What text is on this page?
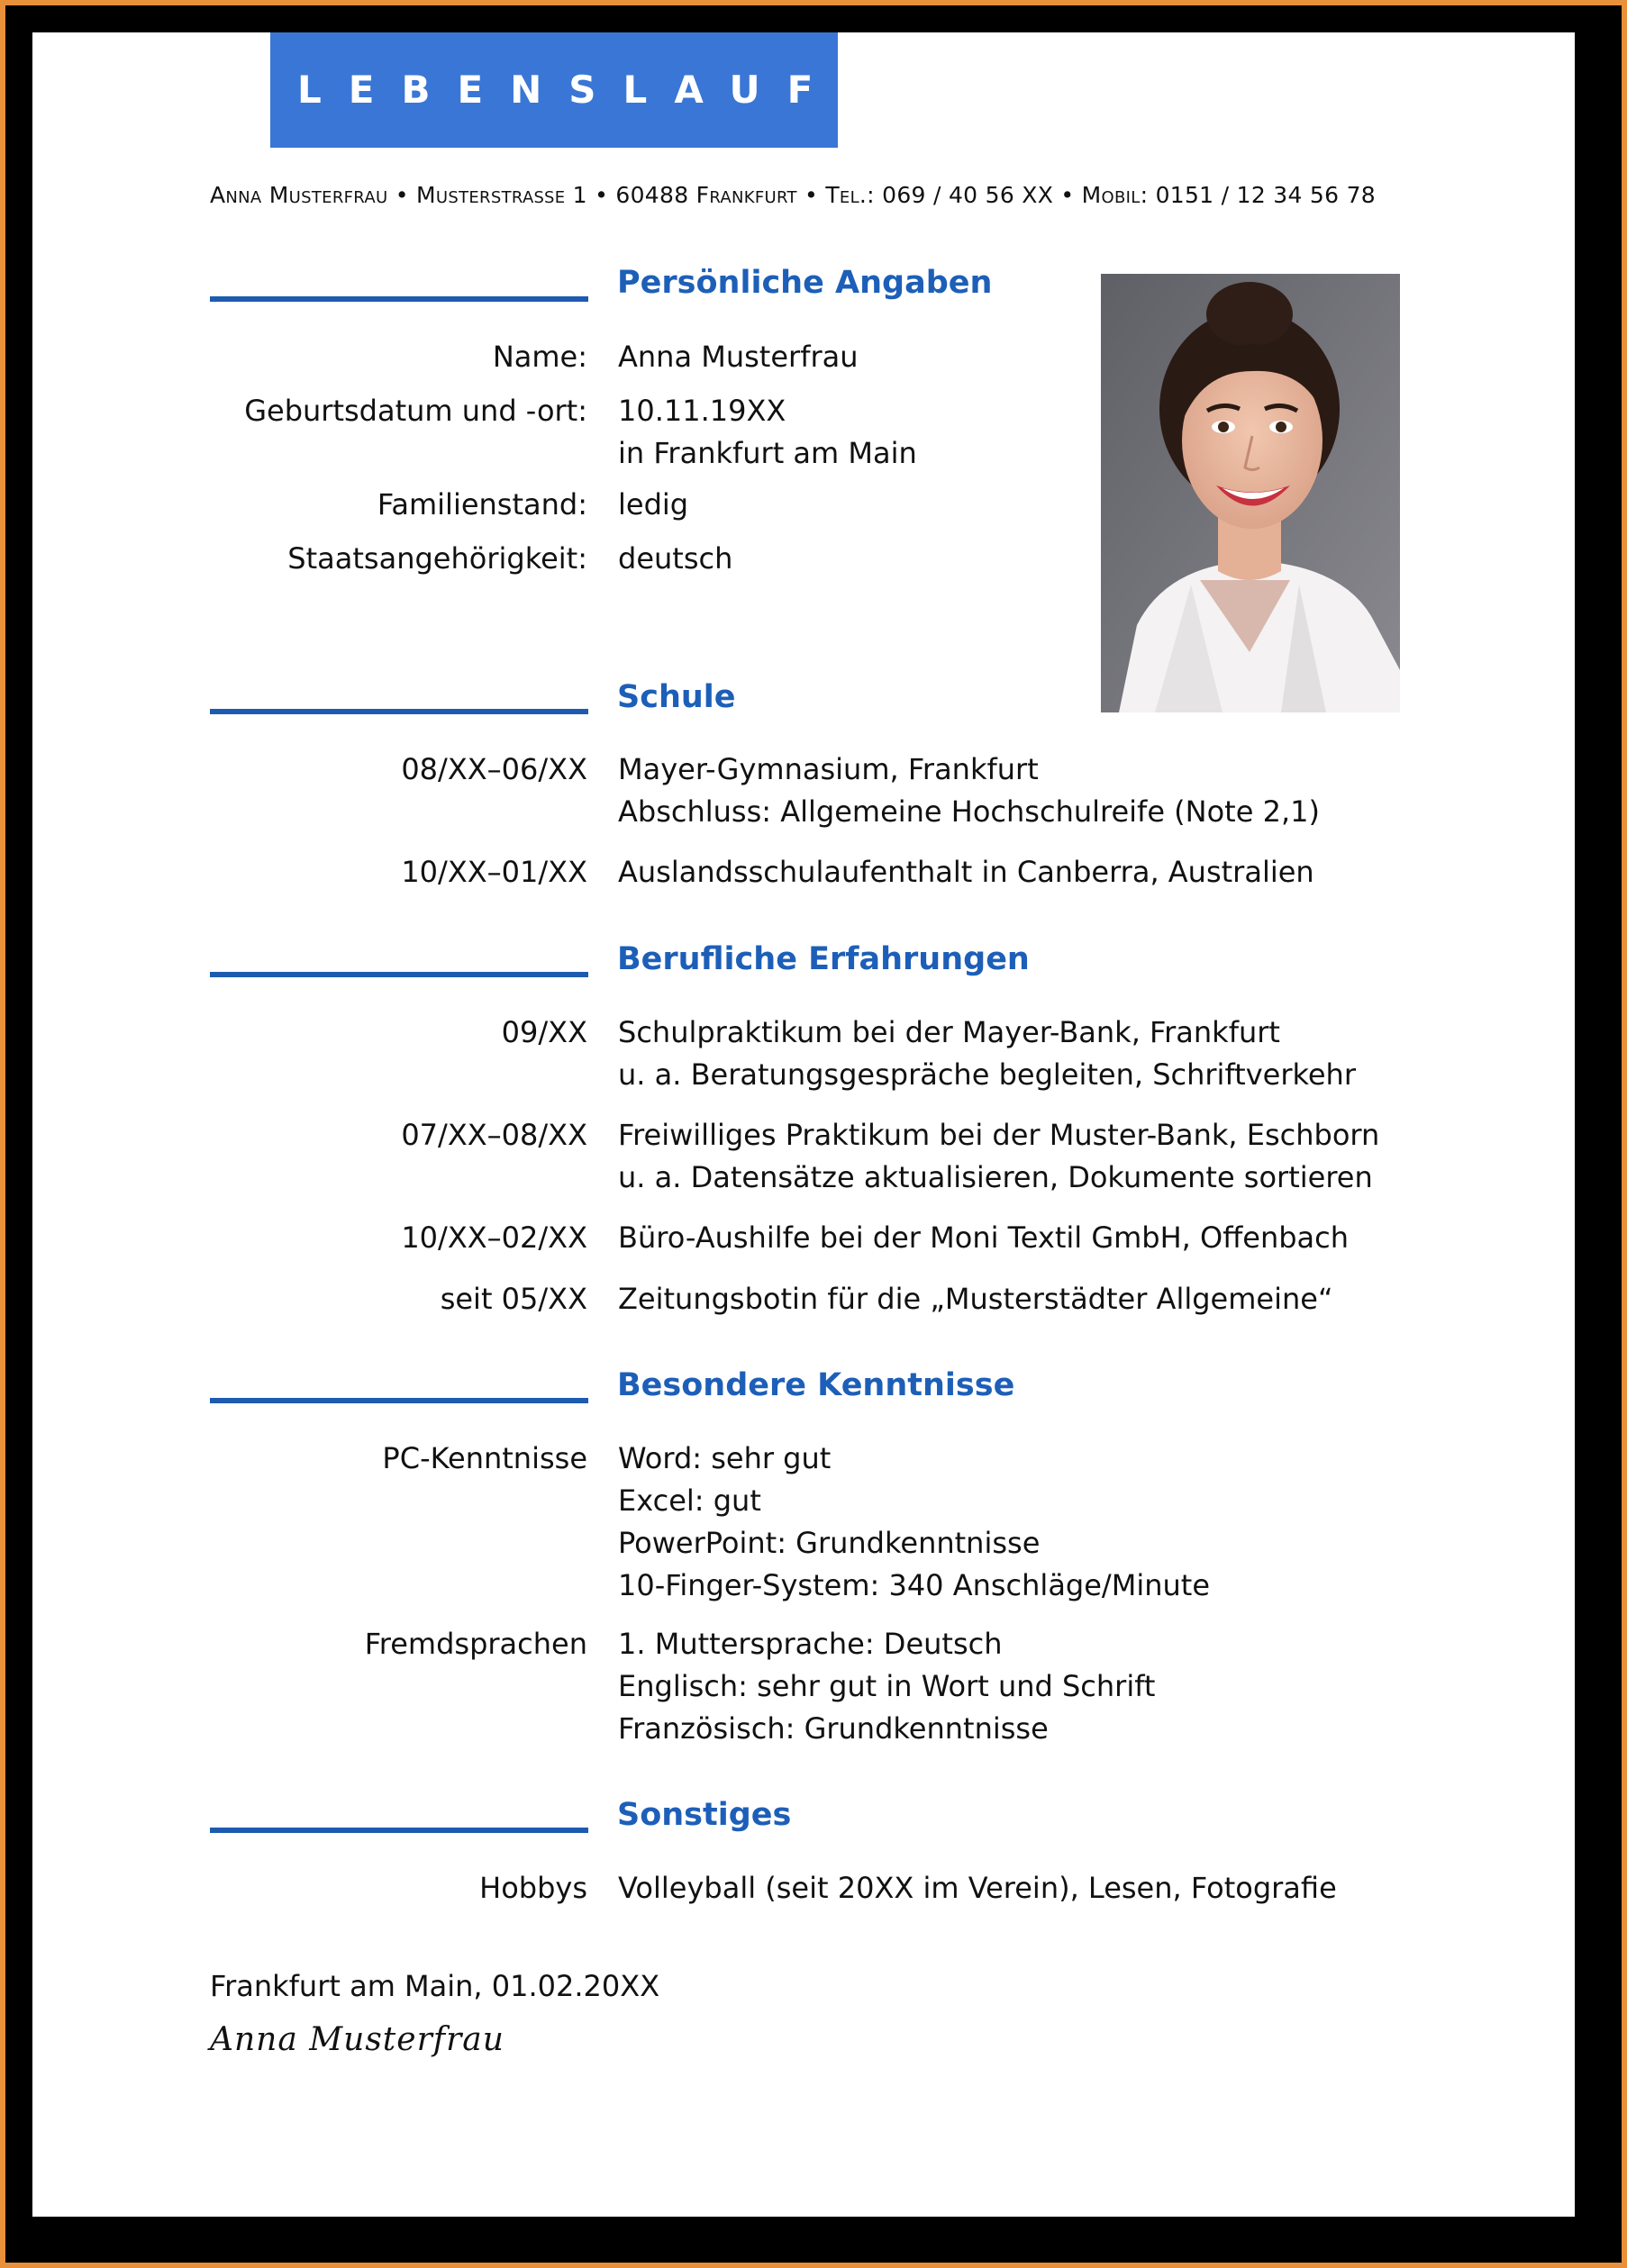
LEBENSLAUF
Anna Musterfrau • Musterstraße 1 • 60488 Frankfurt • Tel.: 069 / 40 56 XX • Mobil: 0151 / 12 34 56 78
Persönliche Angaben
Name: Anna Musterfrau
Geburtsdatum und -ort: 10.11.19XX
in Frankfurt am Main
Familienstand: ledig
Staatsangehörigkeit: deutsch
Schule
08/XX–06/XX Mayer-Gymnasium, Frankfurt
Abschluss: Allgemeine Hochschulreife (Note 2,1)
10/XX–01/XX Auslandsschulaufenthalt in Canberra, Australien
Berufliche Erfahrungen
09/XX Schulpraktikum bei der Mayer-Bank, Frankfurt
u. a. Beratungsgespräche begleiten, Schriftverkehr
07/XX–08/XX Freiwilliges Praktikum bei der Muster-Bank, Eschborn
u. a. Datensätze aktualisieren, Dokumente sortieren
10/XX–02/XX Büro-Aushilfe bei der Moni Textil GmbH, Offenbach
seit 05/XX Zeitungsbotin für die „Musterstädter Allgemeine“
Besondere Kenntnisse
PC-Kenntnisse Word: sehr gut
Excel: gut
PowerPoint: Grundkenntnisse
10-Finger-System: 340 Anschläge/Minute
Fremdsprachen 1. Muttersprache: Deutsch
Englisch: sehr gut in Wort und Schrift
Französisch: Grundkenntnisse
Sonstiges
Hobbys Volleyball (seit 20XX im Verein), Lesen, Fotografie
Frankfurt am Main, 01.02.20XX
Anna Musterfrau
